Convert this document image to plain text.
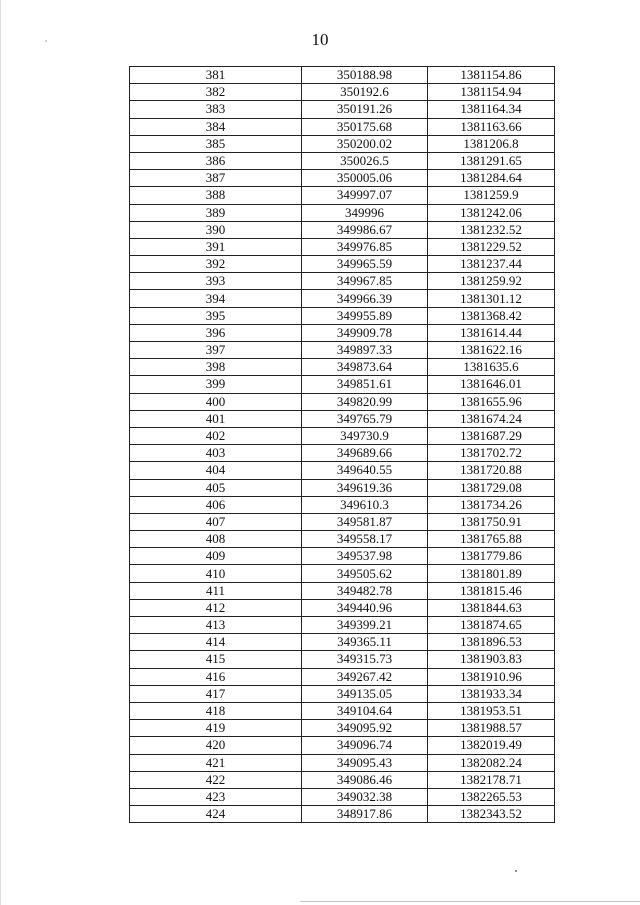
10
381	350188.98	1381154.86
382	350192.6	1381154.94
383	350191.26	1381164.34
384	350175.68	1381163.66
385	350200.02	1381206.8
386	350026.5	1381291.65
387	350005.06	1381284.64
388	349997.07	1381259.9
389	349996	1381242.06
390	349986.67	1381232.52
391	349976.85	1381229.52
392	349965.59	1381237.44
393	349967.85	1381259.92
394	349966.39	1381301.12
395	349955.89	1381368.42
396	349909.78	1381614.44
397	349897.33	1381622.16
398	349873.64	1381635.6
399	349851.61	1381646.01
400	349820.99	1381655.96
401	349765.79	1381674.24
402	349730.9	1381687.29
403	349689.66	1381702.72
404	349640.55	1381720.88
405	349619.36	1381729.08
406	349610.3	1381734.26
407	349581.87	1381750.91
408	349558.17	1381765.88
409	349537.98	1381779.86
410	349505.62	1381801.89
411	349482.78	1381815.46
412	349440.96	1381844.63
413	349399.21	1381874.65
414	349365.11	1381896.53
415	349315.73	1381903.83
416	349267.42	1381910.96
417	349135.05	1381933.34
418	349104.64	1381953.51
419	349095.92	1381988.57
420	349096.74	1382019.49
421	349095.43	1382082.24
422	349086.46	1382178.71
423	349032.38	1382265.53
424	348917.86	1382343.52
